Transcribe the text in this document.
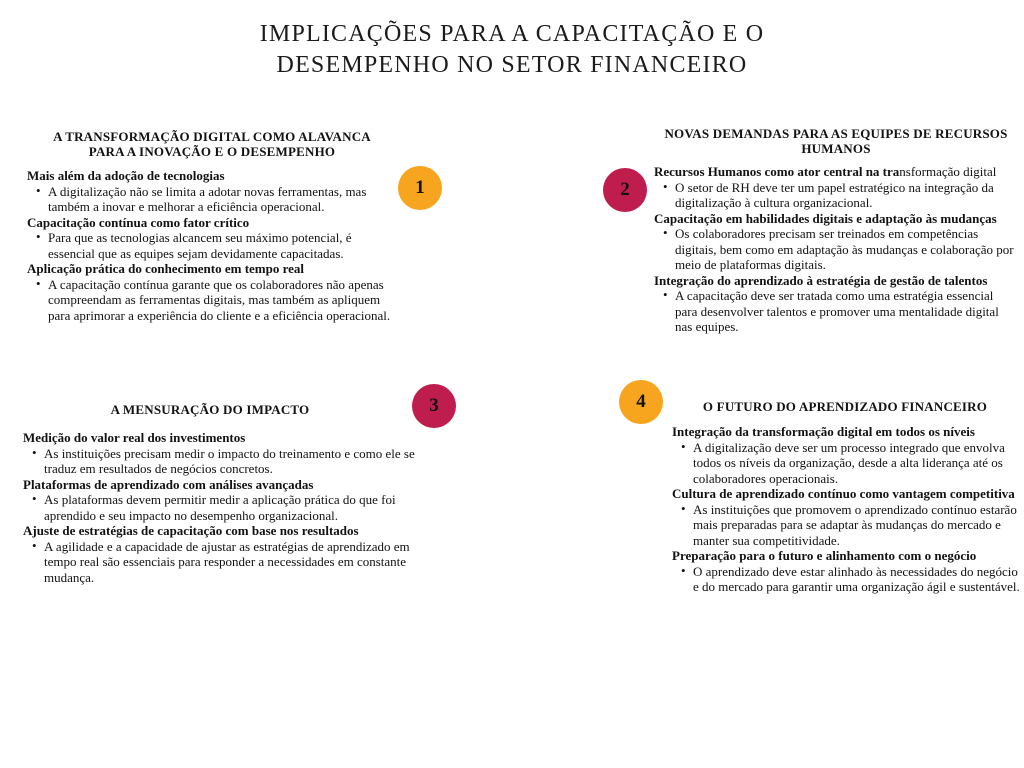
IMPLICAÇÕES PARA A CAPACITAÇÃO E O
DESEMPENHO NO SETOR FINANCEIRO
A TRANSFORMAÇÃO DIGITAL COMO ALAVANCA
PARA A INOVAÇÃO E O DESEMPENHO
Mais além da adoção de tecnologias
• A digitalização não se limita a adotar novas ferramentas, mas também a inovar e melhorar a eficiência operacional.
Capacitação contínua como fator crítico
• Para que as tecnologias alcancem seu máximo potencial, é essencial que as equipes sejam devidamente capacitadas.
Aplicação prática do conhecimento em tempo real
• A capacitação contínua garante que os colaboradores não apenas compreendam as ferramentas digitais, mas também as apliquem para aprimorar a experiência do cliente e a eficiência operacional.
1
NOVAS DEMANDAS PARA AS EQUIPES DE RECURSOS
HUMANOS
Recursos Humanos como ator central na transformação digital
• O setor de RH deve ter um papel estratégico na integração da digitalização à cultura organizacional.
Capacitação em habilidades digitais e adaptação às mudanças
• Os colaboradores precisam ser treinados em competências digitais, bem como em adaptação às mudanças e colaboração por meio de plataformas digitais.
Integração do aprendizado à estratégia de gestão de talentos
• A capacitação deve ser tratada como uma estratégia essencial para desenvolver talentos e promover uma mentalidade digital nas equipes.
2
A MENSURAÇÃO DO IMPACTO

Medição do valor real dos investimentos
• As instituições precisam medir o impacto do treinamento e como ele se traduz em resultados de negócios concretos.
Plataformas de aprendizado com análises avançadas
• As plataformas devem permitir medir a aplicação prática do que foi aprendido e seu impacto no desempenho organizacional.
Ajuste de estratégias de capacitação com base nos resultados
• A agilidade e a capacidade de ajustar as estratégias de aprendizado em tempo real são essenciais para responder a necessidades em constante mudança.
3	O FUTURO DO APRENDIZADO FINANCEIRO

Integração da transformação digital em todos os níveis
• A digitalização deve ser um processo integrado que envolva todos os níveis da organização, desde a alta liderança até os colaboradores operacionais.
Cultura de aprendizado contínuo como vantagem competitiva
• As instituições que promovem o aprendizado contínuo estarão mais preparadas para se adaptar às mudanças do mercado e manter sua competitividade.
Preparação para o futuro e alinhamento com o negócio
• O aprendizado deve estar alinhado às necessidades do negócio e do mercado para garantir uma organização ágil e sustentável.
4
